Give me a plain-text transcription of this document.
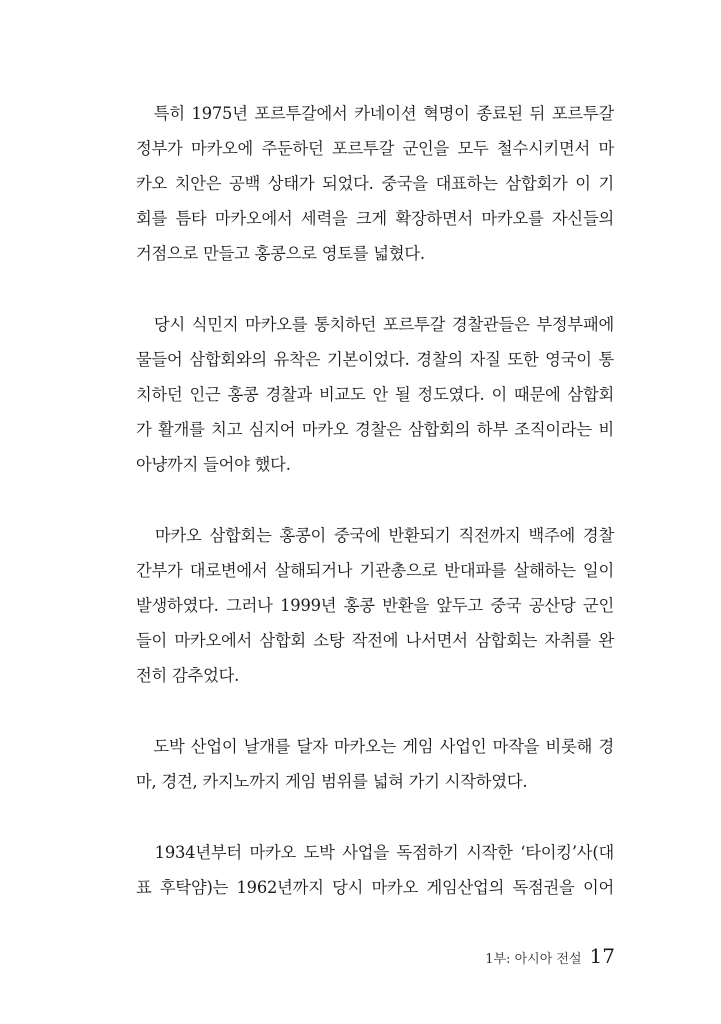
　특히 1975년 포르투갈에서 카네이션 혁명이 종료된 뒤 포르투갈
정부가 마카오에 주둔하던 포르투갈 군인을 모두 철수시키면서 마
카오 치안은 공백 상태가 되었다. 중국을 대표하는 삼합회가 이 기
회를 틈타 마카오에서 세력을 크게 확장하면서 마카오를 자신들의
거점으로 만들고 홍콩으로 영토를 넓혔다.
　당시 식민지 마카오를 통치하던 포르투갈 경찰관들은 부정부패에
물들어 삼합회와의 유착은 기본이었다. 경찰의 자질 또한 영국이 통
치하던 인근 홍콩 경찰과 비교도 안 될 정도였다. 이 때문에 삼합회
가 활개를 치고 심지어 마카오 경찰은 삼합회의 하부 조직이라는 비
아냥까지 들어야 했다.
　마카오 삼합회는 홍콩이 중국에 반환되기 직전까지 백주에 경찰
간부가 대로변에서 살해되거나 기관총으로 반대파를 살해하는 일이
발생하였다. 그러나 1999년 홍콩 반환을 앞두고 중국 공산당 군인
들이 마카오에서 삼합회 소탕 작전에 나서면서 삼합회는 자취를 완
전히 감추었다.
　도박 산업이 날개를 달자 마카오는 게임 사업인 마작을 비롯해 경
마, 경견, 카지노까지 게임 범위를 넓혀 가기 시작하였다.
　1934년부터 마카오 도박 사업을 독점하기 시작한 ‘타이킹’사(대
표 후탁얌)는 1962년까지 당시 마카오 게임산업의 독점권을 이어
1부: 아시아 전설 17
